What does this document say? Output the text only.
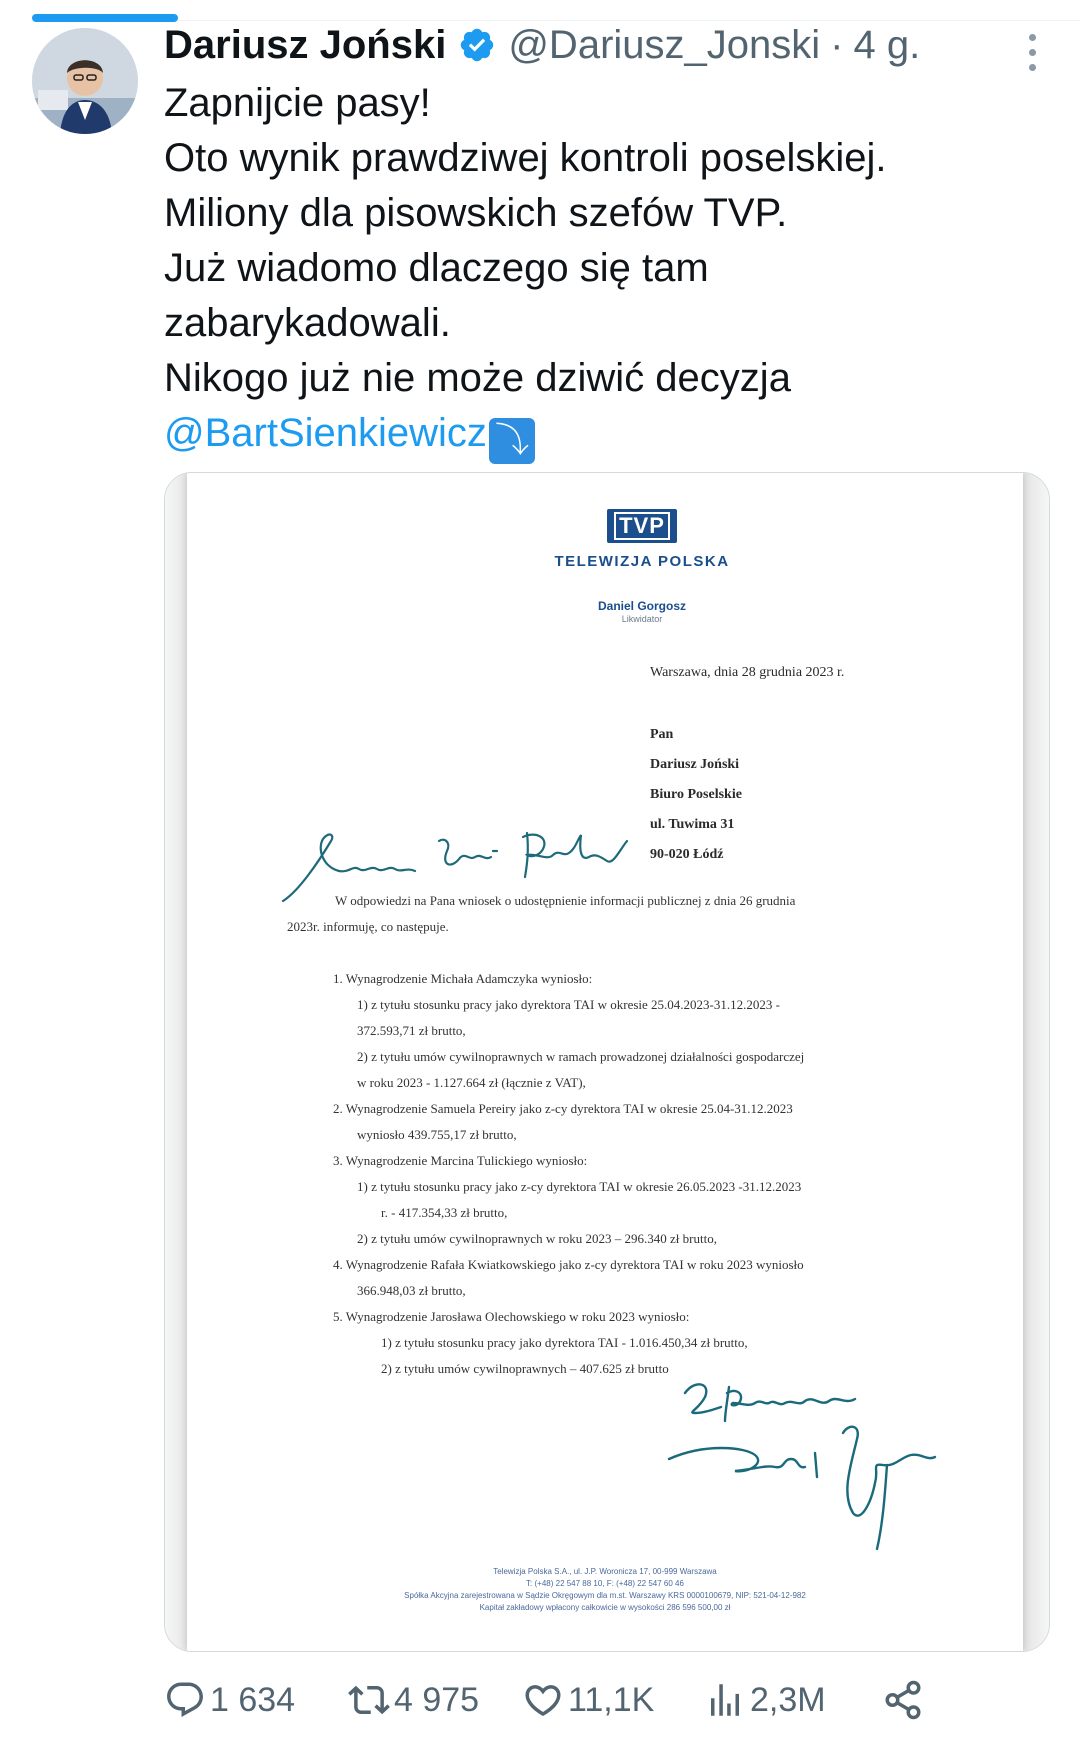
Dariusz Joński @Dariusz_Jonski · 4 g.
Zapnijcie pasy!
Oto wynik prawdziwej kontroli poselskiej.
Miliony dla pisowskich szefów TVP.
Już wiadomo dlaczego się tam
zabarykadowali.
Nikogo już nie może dziwić decyzja
@BartSienkiewicz ⤵
TVP
TELEWIZJA POLSKA
Daniel Gorgosz
Likwidator
Warszawa, dnia 28 grudnia 2023 r.
Pan
Dariusz Joński
Biuro Poselskie
ul. Tuwima 31
90-020 Łódź
W odpowiedzi na Pana wniosek o udostępnienie informacji publicznej z dnia 26 grudnia
2023r. informuję, co następuje.
1. Wynagrodzenie Michała Adamczyka wyniosło:
1) z tytułu stosunku pracy jako dyrektora TAI w okresie 25.04.2023-31.12.2023 -
372.593,71 zł brutto,
2) z tytułu umów cywilnoprawnych w ramach prowadzonej działalności gospodarczej
w roku 2023 - 1.127.664 zł (łącznie z VAT),
2. Wynagrodzenie Samuela Pereiry jako z-cy dyrektora TAI w okresie 25.04-31.12.2023
wyniosło 439.755,17 zł brutto,
3. Wynagrodzenie Marcina Tulickiego wyniosło:
1) z tytułu stosunku pracy jako z-cy dyrektora TAI w okresie 26.05.2023 -31.12.2023
r. - 417.354,33 zł brutto,
2) z tytułu umów cywilnoprawnych w roku 2023 – 296.340 zł brutto,
4. Wynagrodzenie Rafała Kwiatkowskiego jako z-cy dyrektora TAI w roku 2023 wyniosło
366.948,03 zł brutto,
5. Wynagrodzenie Jarosława Olechowskiego w roku 2023 wyniosło:
1) z tytułu stosunku pracy jako dyrektora TAI - 1.016.450,34 zł brutto,
2) z tytułu umów cywilnoprawnych – 407.625 zł brutto
Telewizja Polska S.A., ul. J.P. Woronicza 17, 00-999 Warszawa
T: (+48) 22 547 88 10, F: (+48) 22 547 60 46
Spółka Akcyjna zarejestrowana w Sądzie Okręgowym dla m.st. Warszawy KRS 0000100679, NIP: 521-04-12-982
Kapitał zakładowy wpłacony całkowicie w wysokości 286 596 500,00 zł
1 634	4 975	11,1K	2,3M
